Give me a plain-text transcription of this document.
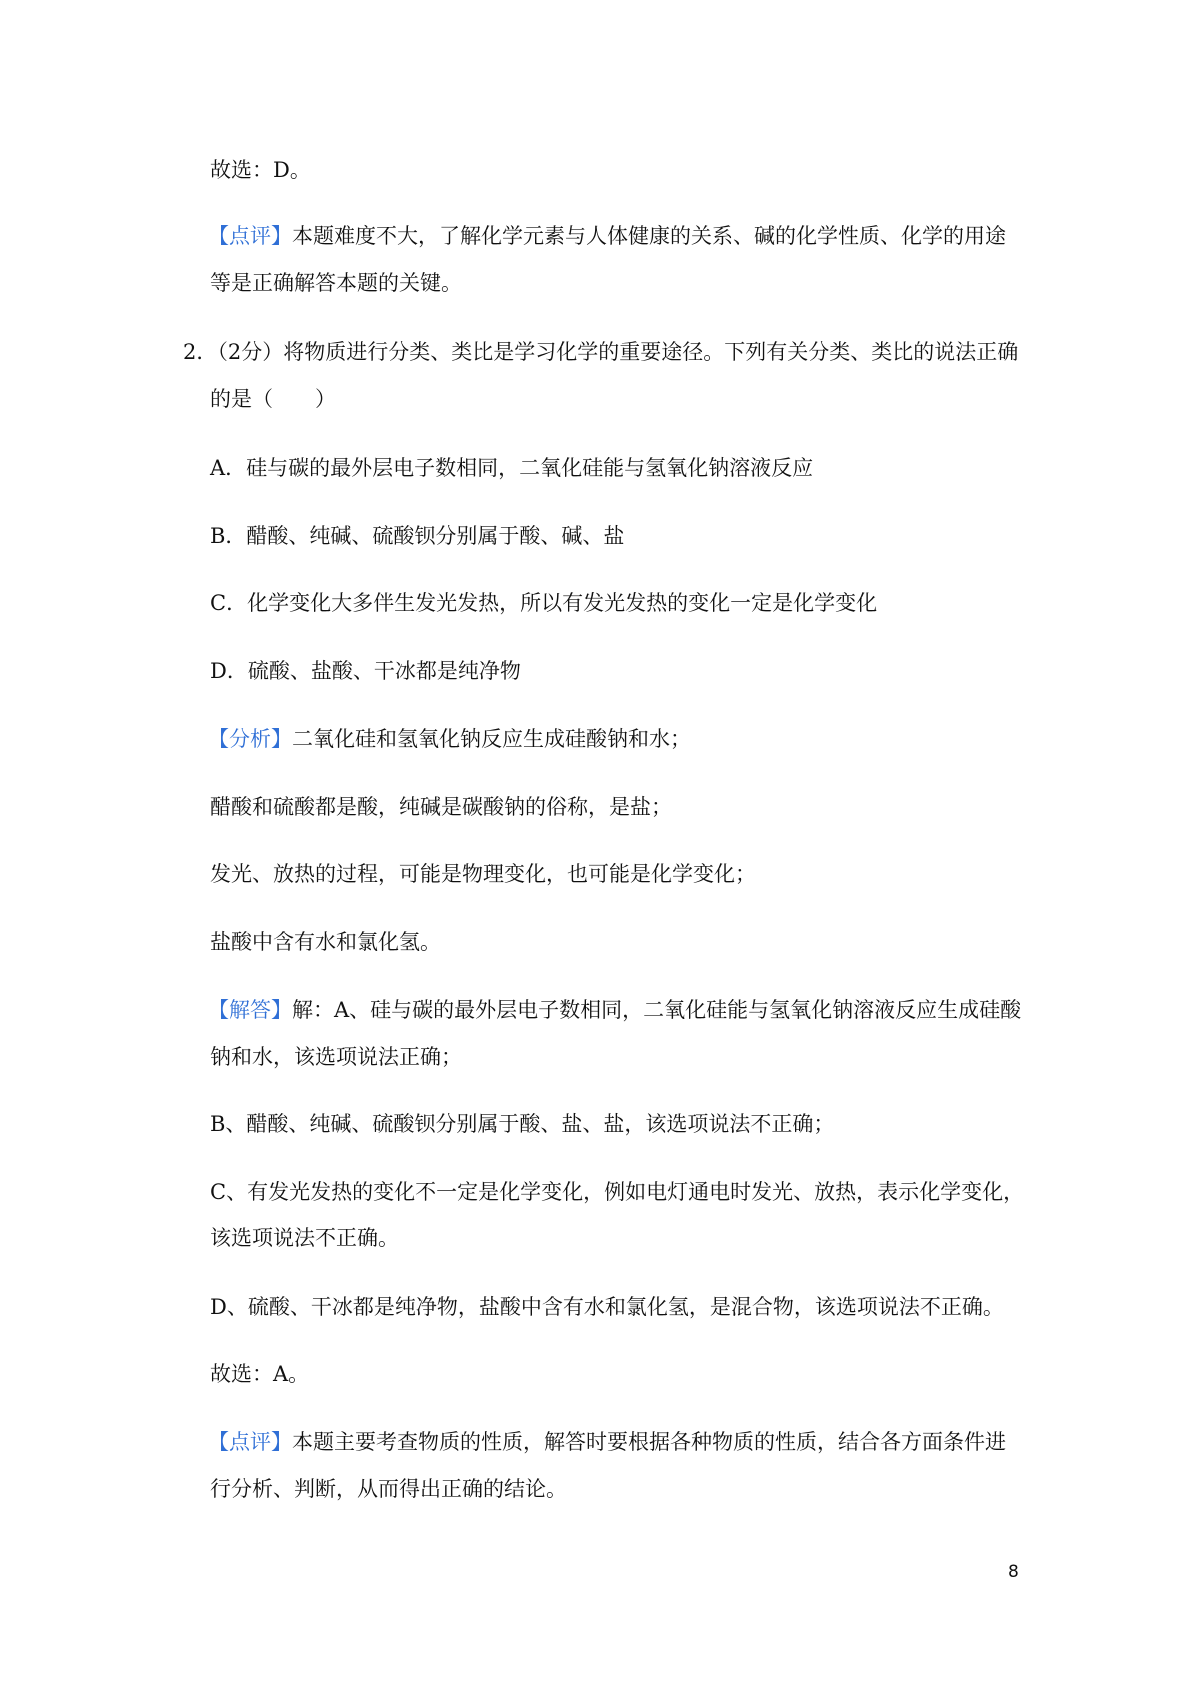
故选：D。
【点评】本题难度不大，了解化学元素与人体健康的关系、碱的化学性质、化学的用途
等是正确解答本题的关键。
2．（2分）将物质进行分类、类比是学习化学的重要途径。下列有关分类、类比的说法正确
的是（　　）
A．硅与碳的最外层电子数相同，二氧化硅能与氢氧化钠溶液反应
B．醋酸、纯碱、硫酸钡分别属于酸、碱、盐
C．化学变化大多伴生发光发热，所以有发光发热的变化一定是化学变化
D．硫酸、盐酸、干冰都是纯净物
【分析】二氧化硅和氢氧化钠反应生成硅酸钠和水；
醋酸和硫酸都是酸，纯碱是碳酸钠的俗称，是盐；
发光、放热的过程，可能是物理变化，也可能是化学变化；
盐酸中含有水和氯化氢。
【解答】解：A、硅与碳的最外层电子数相同，二氧化硅能与氢氧化钠溶液反应生成硅酸
钠和水，该选项说法正确；
B、醋酸、纯碱、硫酸钡分别属于酸、盐、盐，该选项说法不正确；
C、有发光发热的变化不一定是化学变化，例如电灯通电时发光、放热，表示化学变化，
该选项说法不正确。
D、硫酸、干冰都是纯净物，盐酸中含有水和氯化氢，是混合物，该选项说法不正确。
故选：A。
【点评】本题主要考查物质的性质，解答时要根据各种物质的性质，结合各方面条件进
行分析、判断，从而得出正确的结论。
8
